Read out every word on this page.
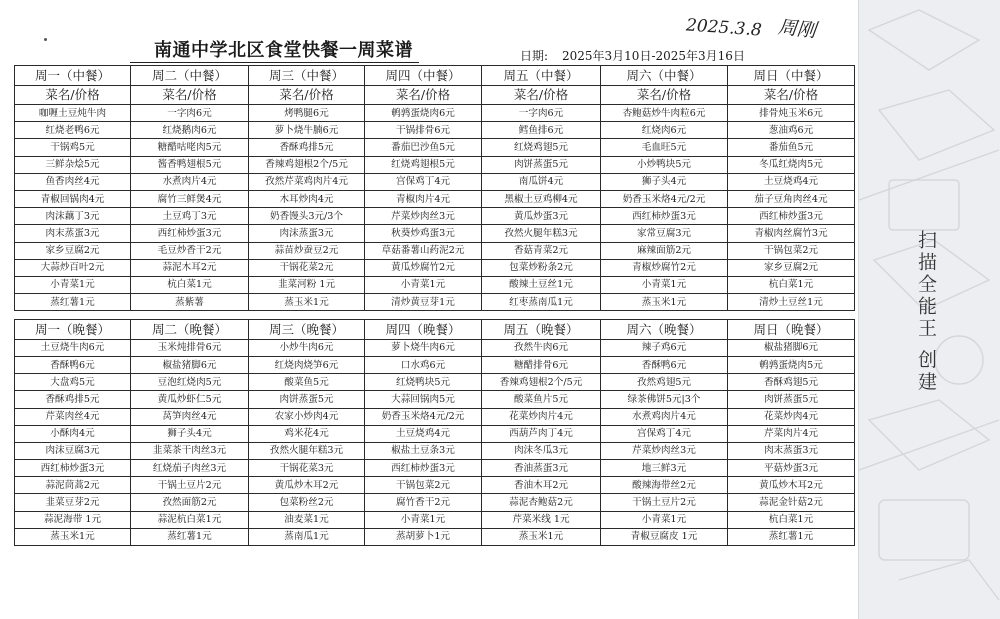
南通中学北区食堂快餐一周菜谱	日期: 2025年3月10日-2025年3月16日
2025.3.8 周刚
周一（中餐）	周二（中餐）	周三（中餐）	周四（中餐）	周五（中餐）	周六（中餐）	周日（中餐）
菜名/价格	菜名/价格	菜名/价格	菜名/价格	菜名/价格	菜名/价格	菜名/价格
咖喱土豆炖牛肉	一字肉6元	烤鸭腿6元	鹌鹑蛋烧肉6元	一字肉6元	杏鲍菇炒牛肉粒6元	排骨炖玉米6元
红烧老鸭6元	红烧鹅肉6元	萝卜烧牛腩6元	干锅排骨6元	鳕鱼排6元	红烧肉6元	葱油鸡6元
干锅鸡5元	糖醋咕咾肉5元	香酥鸡排5元	番茄巴沙鱼5元	红烧鸡翅5元	毛血旺5元	番茄鱼5元
三鲜杂烩5元	酱香鸭翅根5元	香辣鸡翅根2个/5元	红烧鸡翅根5元	肉饼蒸蛋5元	小炒鸭块5元	冬瓜红烧肉5元
鱼香肉丝4元	水煮肉片4元	孜然芹菜鸡肉片4元	宫保鸡丁4元	南瓜饼4元	狮子头4元	土豆烧鸡4元
青椒回锅肉4元	腐竹三鲜煲4元	木耳炒肉4元	青椒肉片4元	黑椒土豆鸡柳4元	奶香玉米烙4元/2元	茄子豆角肉丝4元
肉沫藕丁3元	土豆鸡丁3元	奶香馒头3元/3个	芹菜炒肉丝3元	黄瓜炒蛋3元	西红柿炒蛋3元	西红柿炒蛋3元
肉末蒸蛋3元	西红柿炒蛋3元	肉沫蒸蛋3元	秋葵炒鸡蛋3元	孜然火腿年糕3元	家常豆腐3元	青椒肉丝腐竹3元
家乡豆腐2元	毛豆炒香干2元	蒜苗炒蚕豆2元	草菇番薯山药泥2元	香菇青菜2元	麻辣面筋2元	干锅包菜2元
大蒜炒百叶2元	蒜泥木耳2元	干锅花菜2元	黄瓜炒腐竹2元	包菜炒粉条2元	青椒炒腐竹2元	家乡豆腐2元
小青菜1元	杭白菜1元	韭菜河粉 1元	小青菜1元	酸辣土豆丝1元	小青菜1元	杭白菜1元
蒸红薯1元	蒸紫薯	蒸玉米1元	清炒黄豆芽1元	红枣蒸南瓜1元	蒸玉米1元	清炒土豆丝1元

周一（晚餐）	周二（晚餐）	周三（晚餐）	周四（晚餐）	周五（晚餐）	周六（晚餐）	周日（晚餐）
土豆烧牛肉6元	玉米炖排骨6元	小炒牛肉6元	萝卜烧牛肉6元	孜然牛肉6元	辣子鸡6元	椒盐猪脚6元
香酥鸭6元	椒盐猪脚6元	红烧肉烧笋6元	口水鸡6元	糖醋排骨6元	香酥鸭6元	鹌鹑蛋烧肉5元
大盘鸡5元	豆泡红烧肉5元	酸菜鱼5元	红烧鸭块5元	香辣鸡翅根2个/5元	孜然鸡翅5元	香酥鸡翅5元
香酥鸡排5元	黄瓜炒虾仁5元	肉饼蒸蛋5元	大蒜回锅肉5元	酸菜鱼片5元	绿茶佛饼5元|3个	肉饼蒸蛋5元
芹菜肉丝4元	莴笋肉丝4元	农家小炒肉4元	奶香玉米烙4元/2元	花菜炒肉片4元	水煮鸡肉片4元	花菜炒肉4元
小酥肉4元	狮子头4元	鸡米花4元	土豆烧鸡4元	西葫芦肉丁4元	宫保鸡丁4元	芹菜肉片4元
肉沫豆腐3元	韭菜茶干肉丝3元	孜然火腿年糕3元	椒盐土豆条3元	肉沫冬瓜3元	芹菜炒肉丝3元	肉末蒸蛋3元
西红柿炒蛋3元	红烧茄子肉丝3元	干锅花菜3元	西红柿炒蛋3元	香油蒸蛋3元	地三鲜3元	平菇炒蛋3元
蒜泥茼蒿2元	干锅土豆片2元	黄瓜炒木耳2元	干锅包菜2元	香油木耳2元	酸辣海带丝2元	黄瓜炒木耳2元
韭菜豆芽2元	孜然面筋2元	包菜粉丝2元	腐竹香干2元	蒜泥杏鲍菇2元	干锅土豆片2元	蒜泥金针菇2元
蒜泥海带 1元	蒜泥杭白菜1元	油麦菜1元	小青菜1元	芹菜米线 1元	小青菜1元	杭白菜1元
蒸玉米1元	蒸红薯1元	蒸南瓜1元	蒸胡萝卜1元	蒸玉米1元	青椒豆腐皮 1元	蒸红薯1元
扫描全能王 创建
